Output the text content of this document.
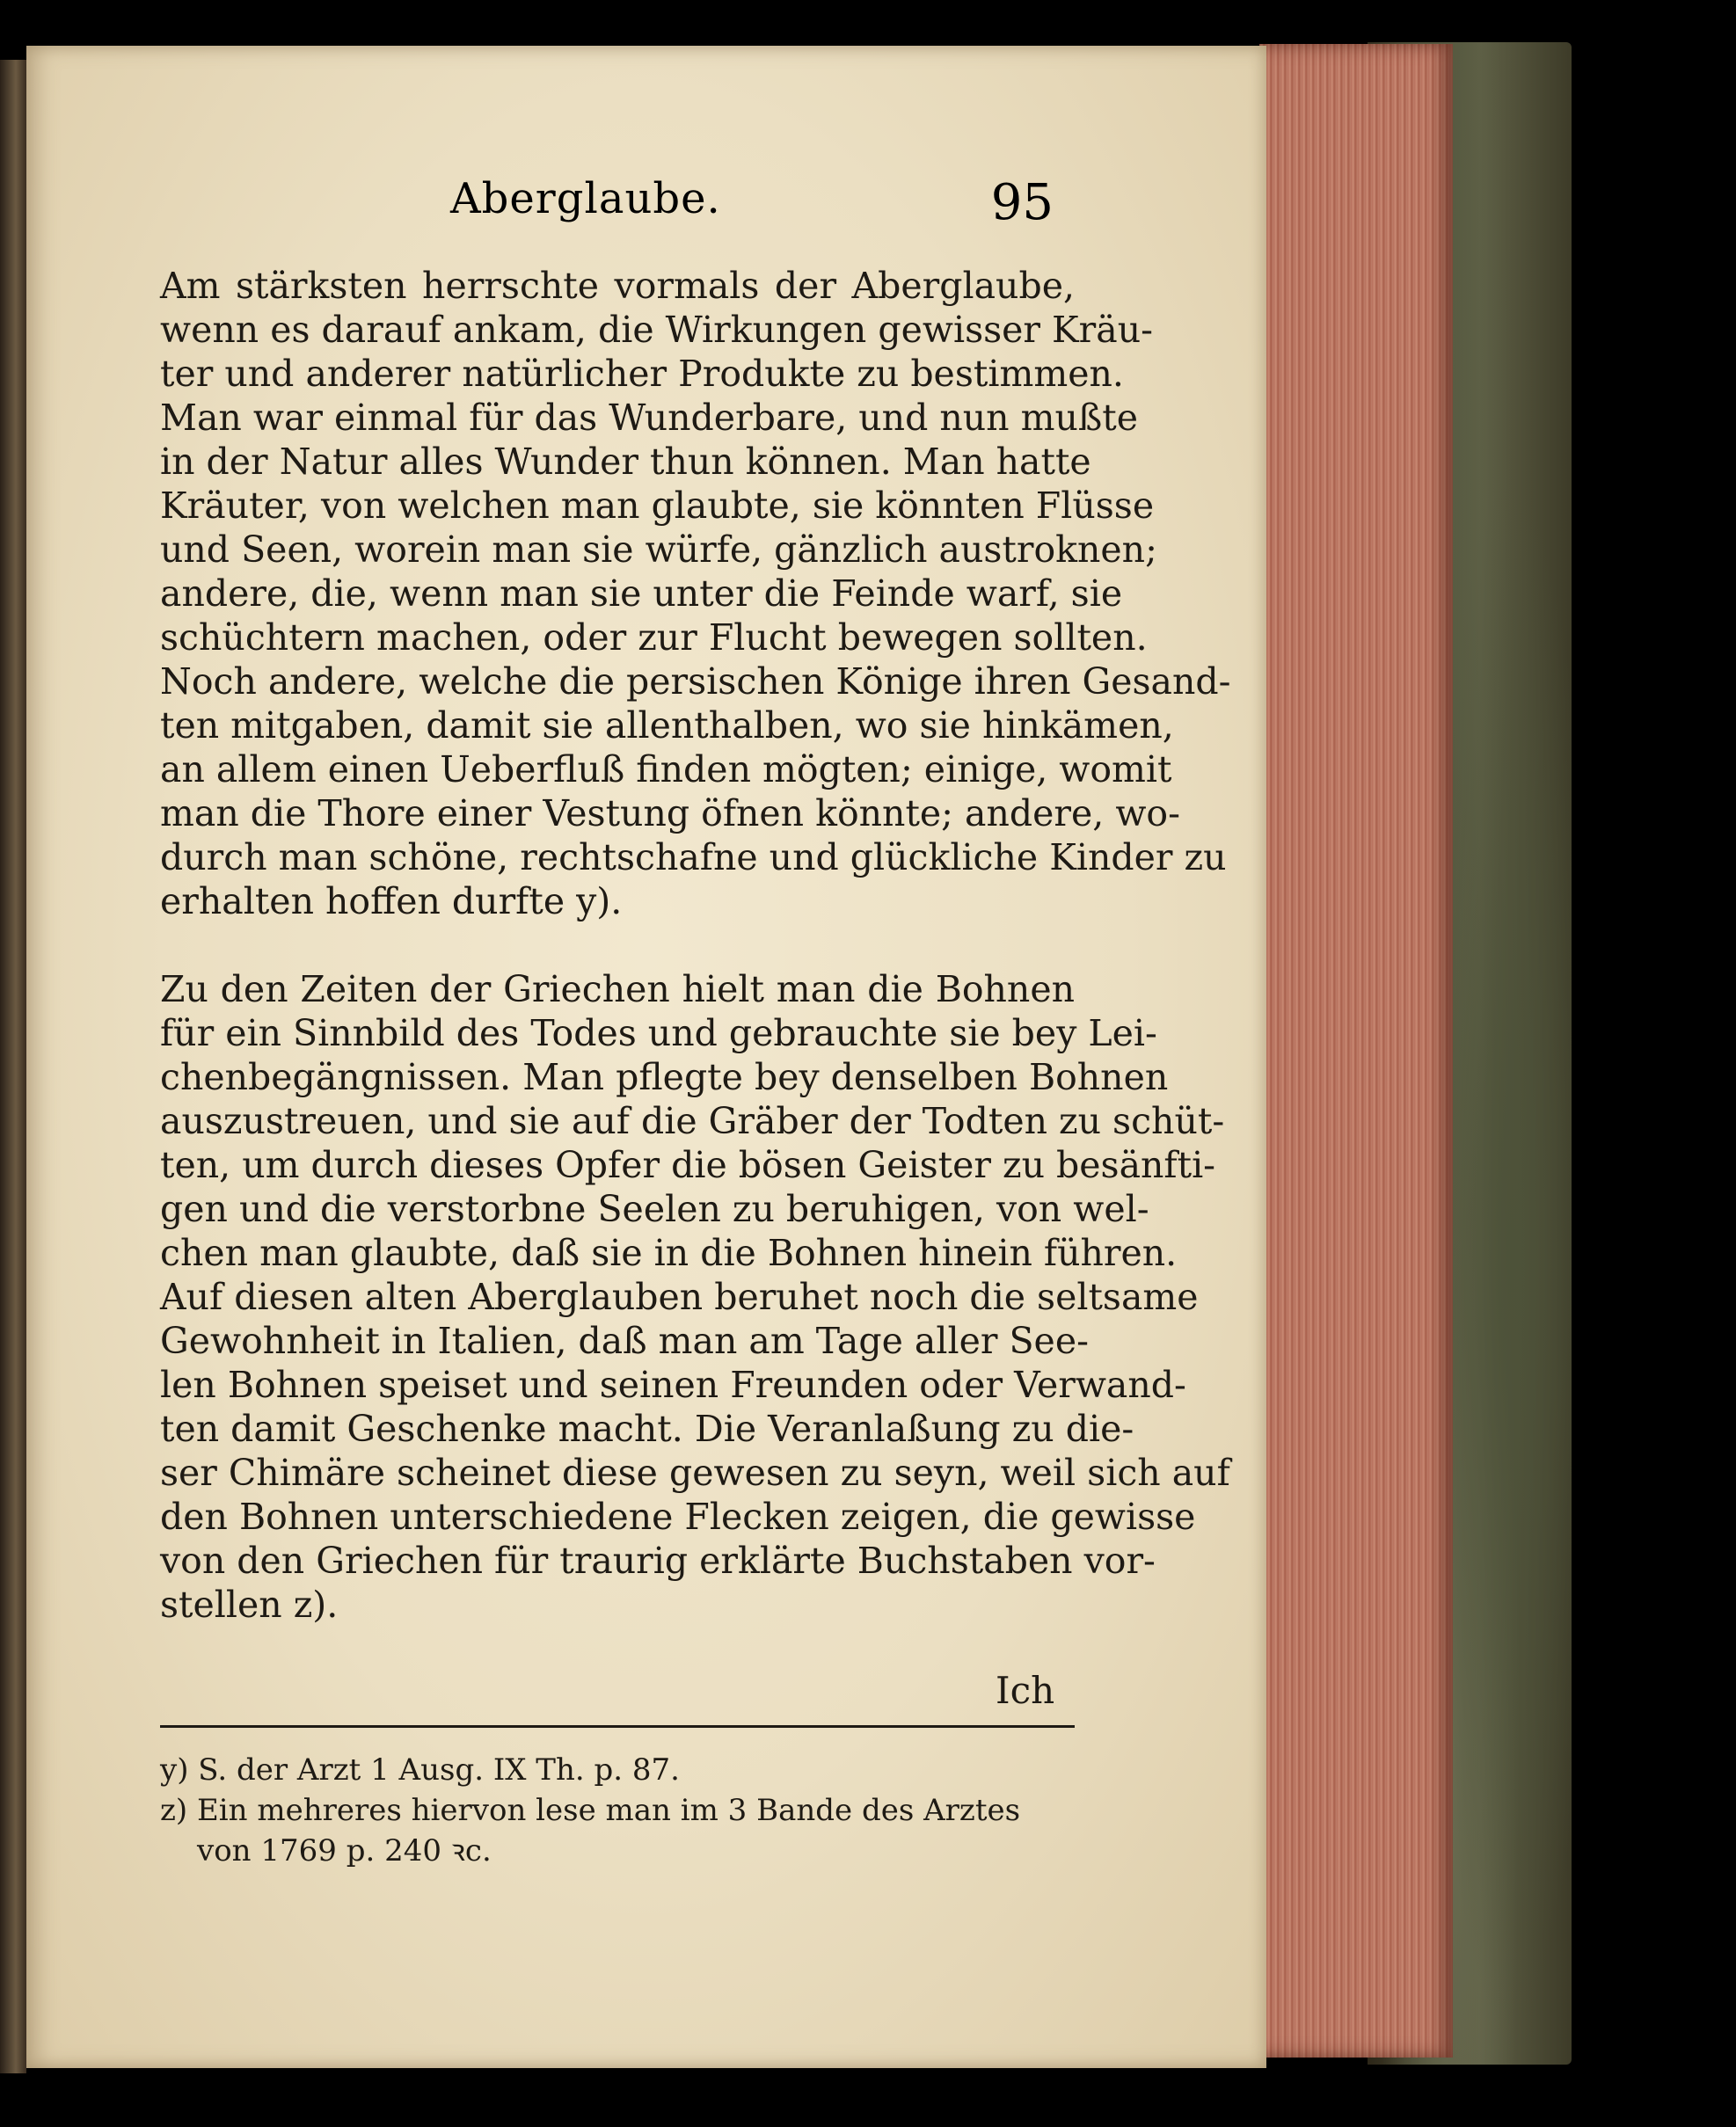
Aberglaube.	95
Am stärksten herrschte vormals der Aberglaube,
wenn es darauf ankam, die Wirkungen gewisser Kräu-
ter und anderer natürlicher Produkte zu bestimmen.
Man war einmal für das Wunderbare, und nun mußte
in der Natur alles Wunder thun können. Man hatte
Kräuter, von welchen man glaubte, sie könnten Flüsse
und Seen, worein man sie würfe, gänzlich austroknen;
andere, die, wenn man sie unter die Feinde warf, sie
schüchtern machen, oder zur Flucht bewegen sollten.
Noch andere, welche die persischen Könige ihren Gesand-
ten mitgaben, damit sie allenthalben, wo sie hinkämen,
an allem einen Ueberfluß finden mögten; einige, womit
man die Thore einer Vestung öfnen könnte; andere, wo-
durch man schöne, rechtschafne und glückliche Kinder zu
erhalten hoffen durfte y).
Zu den Zeiten der Griechen hielt man die Bohnen
für ein Sinnbild des Todes und gebrauchte sie bey Lei-
chenbegängnissen. Man pflegte bey denselben Bohnen
auszustreuen, und sie auf die Gräber der Todten zu schüt-
ten, um durch dieses Opfer die bösen Geister zu besänfti-
gen und die verstorbne Seelen zu beruhigen, von wel-
chen man glaubte, daß sie in die Bohnen hinein führen.
Auf diesen alten Aberglauben beruhet noch die seltsame
Gewohnheit in Italien, daß man am Tage aller See-
len Bohnen speiset und seinen Freunden oder Verwand-
ten damit Geschenke macht. Die Veranlaßung zu die-
ser Chimäre scheinet diese gewesen zu seyn, weil sich auf
den Bohnen unterschiedene Flecken zeigen, die gewisse
von den Griechen für traurig erklärte Buchstaben vor-
stellen z).
Ich
y) S. der Arzt 1 Ausg. IX Th. p. 87.
z) Ein mehreres hiervon lese man im 3 Bande des Arztes
von 1769 p. 240 ꝛc.
